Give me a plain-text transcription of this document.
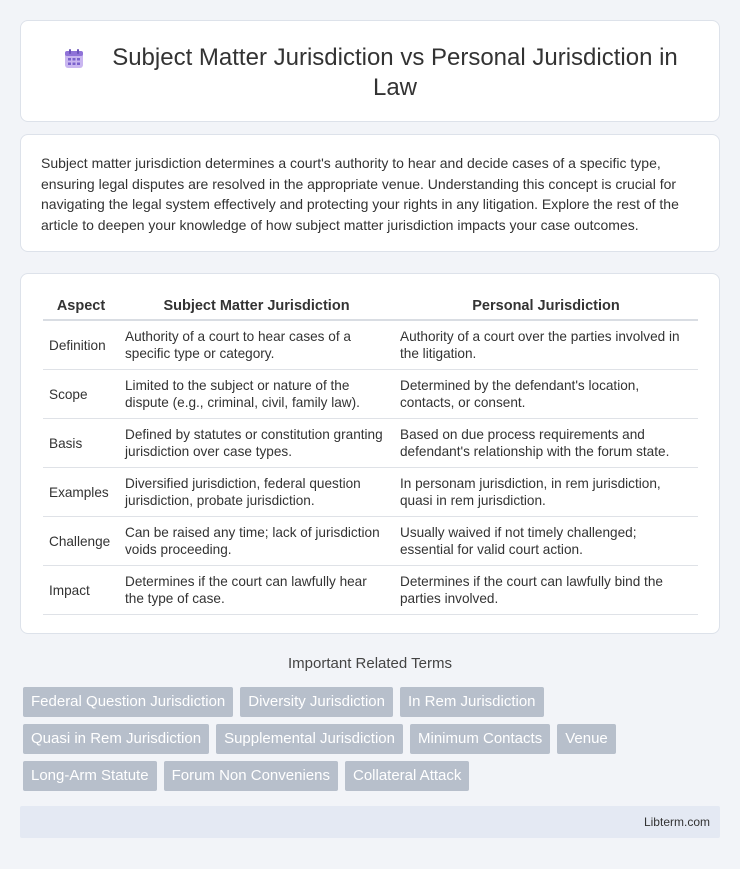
Subject Matter Jurisdiction vs Personal Jurisdiction in Law

Subject matter jurisdiction determines a court's authority to hear and decide cases of a specific type, ensuring legal disputes are resolved in the appropriate venue. Understanding this concept is crucial for navigating the legal system effectively and protecting your rights in any litigation. Explore the rest of the article to deepen your knowledge of how subject matter jurisdiction impacts your case outcomes.

Aspect	Subject Matter Jurisdiction	Personal Jurisdiction
Definition	Authority of a court to hear cases of a specific type or category.	Authority of a court over the parties involved in the litigation.
Scope	Limited to the subject or nature of the dispute (e.g., criminal, civil, family law).	Determined by the defendant's location, contacts, or consent.
Basis	Defined by statutes or constitution granting jurisdiction over case types.	Based on due process requirements and defendant's relationship with the forum state.
Examples	Diversified jurisdiction, federal question jurisdiction, probate jurisdiction.	In personam jurisdiction, in rem jurisdiction, quasi in rem jurisdiction.
Challenge	Can be raised any time; lack of jurisdiction voids proceeding.	Usually waived if not timely challenged; essential for valid court action.
Impact	Determines if the court can lawfully hear the type of case.	Determines if the court can lawfully bind the parties involved.
Important Related Terms
Federal Question Jurisdiction	Diversity Jurisdiction	In Rem Jurisdiction
Quasi in Rem Jurisdiction	Supplemental Jurisdiction	Minimum Contacts	Venue
Long-Arm Statute	Forum Non Conveniens	Collateral Attack
Libterm.com
